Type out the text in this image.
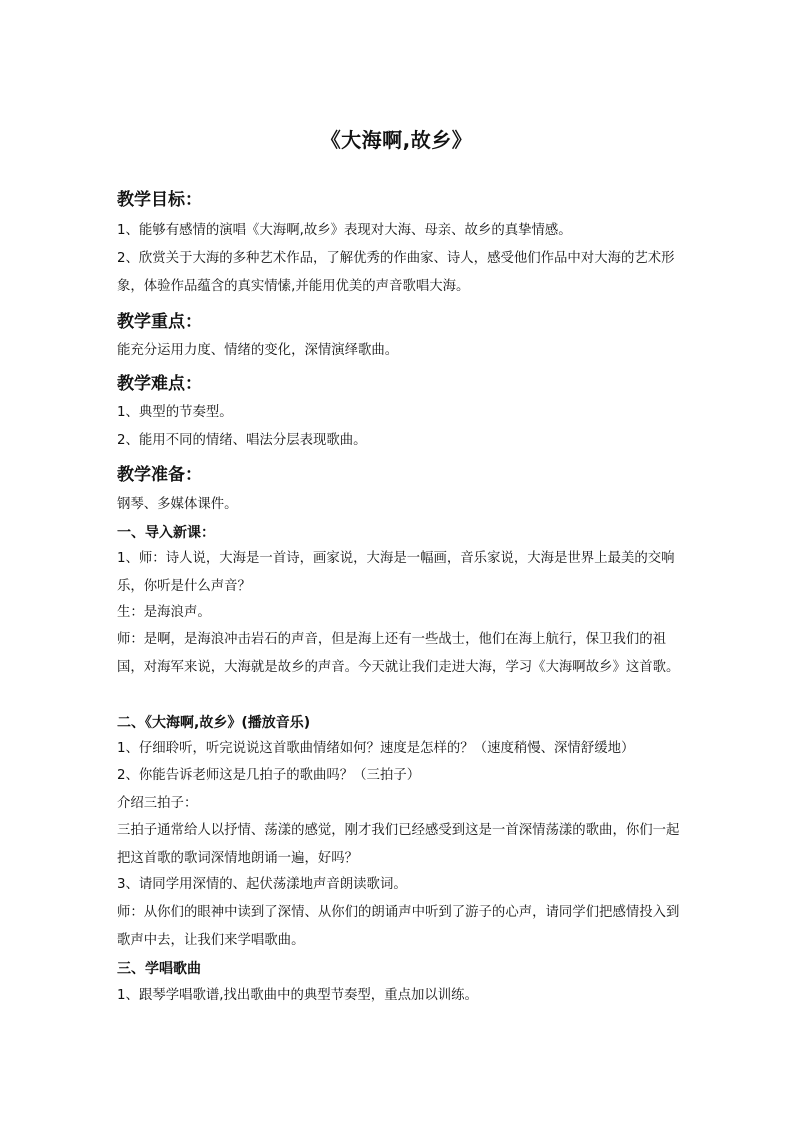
《大海啊,故乡》
教学目标：
1、能够有感情的演唱《大海啊,故乡》表现对大海、母亲、故乡的真挚情感。
2、欣赏关于大海的多种艺术作品，了解优秀的作曲家、诗人，感受他们作品中对大海的艺术形象，体验作品蕴含的真实情愫,并能用优美的声音歌唱大海。
教学重点：
能充分运用力度、情绪的变化，深情演绎歌曲。
教学难点：
1、典型的节奏型。
2、能用不同的情绪、唱法分层表现歌曲。
教学准备：
钢琴、多媒体课件。
一、导入新课：
1、师：诗人说，大海是一首诗，画家说，大海是一幅画，音乐家说，大海是世界上最美的交响乐，你听是什么声音？
生：是海浪声。
师：是啊，是海浪冲击岩石的声音，但是海上还有一些战士，他们在海上航行，保卫我们的祖国，对海军来说，大海就是故乡的声音。今天就让我们走进大海，学习《大海啊故乡》这首歌。
二、《大海啊,故乡》(播放音乐)
1、仔细聆听，听完说说这首歌曲情绪如何？速度是怎样的？（速度稍慢、深情舒缓地）
2、你能告诉老师这是几拍子的歌曲吗？（三拍子）
介绍三拍子：
三拍子通常给人以抒情、荡漾的感觉，刚才我们已经感受到这是一首深情荡漾的歌曲，你们一起把这首歌的歌词深情地朗诵一遍，好吗？
3、请同学用深情的、起伏荡漾地声音朗读歌词。
师：从你们的眼神中读到了深情、从你们的朗诵声中听到了游子的心声，请同学们把感情投入到歌声中去，让我们来学唱歌曲。
三、学唱歌曲
1、跟琴学唱歌谱,找出歌曲中的典型节奏型，重点加以训练。
